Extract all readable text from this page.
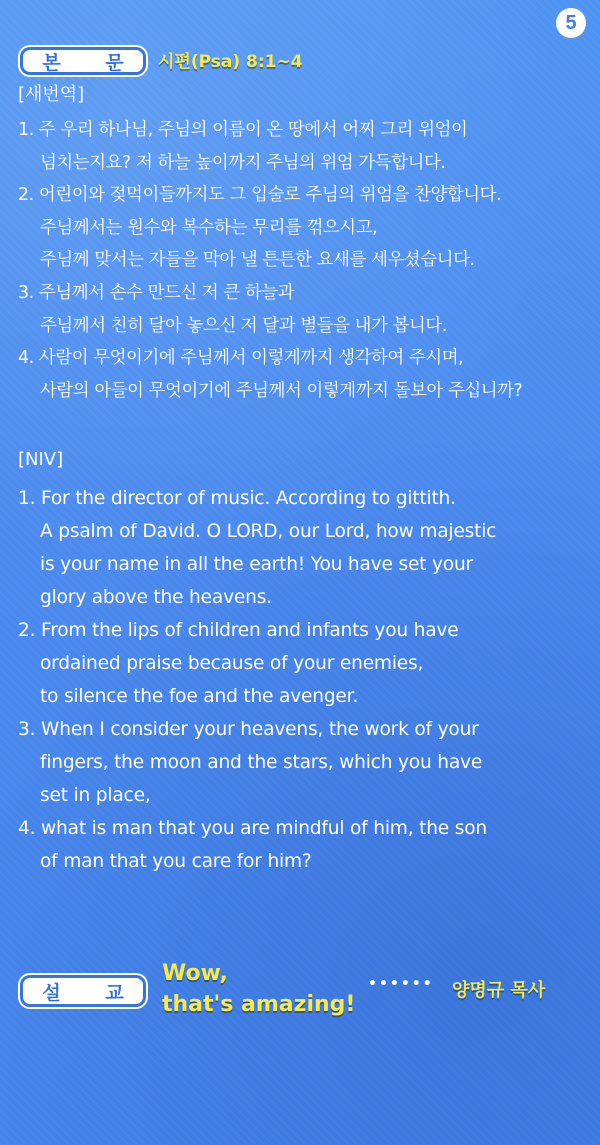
5
본 문 시편(Psa) 8:1~4
[새번역]
1. 주 우리 하나님, 주님의 이름이 온 땅에서 어찌 그리 위엄이
넘치는지요? 저 하늘 높이까지 주님의 위엄 가득합니다.
2. 어린이와 젖먹이들까지도 그 입술로 주님의 위엄을 찬양합니다.
주님께서는 원수와 복수하는 무리를 꺾으시고,
주님께 맞서는 자들을 막아 낼 튼튼한 요새를 세우셨습니다.
3. 주님께서 손수 만드신 저 큰 하늘과
주님께서 친히 달아 놓으신 저 달과 별들을 내가 봅니다.
4. 사람이 무엇이기에 주님께서 이렇게까지 생각하여 주시며,
사람의 아들이 무엇이기에 주님께서 이렇게까지 돌보아 주십니까?
[NIV]
1. For the director of music. According to gittith.
A psalm of David. O LORD, our Lord, how majestic
is your name in all the earth! You have set your
glory above the heavens.
2. From the lips of children and infants you have
ordained praise because of your enemies,
to silence the foe and the avenger.
3. When I consider your heavens, the work of your
fingers, the moon and the stars, which you have
set in place,
4. what is man that you are mindful of him, the son
of man that you care for him?
설 교
Wow,
that's amazing!
•••••• 양명규 목사
